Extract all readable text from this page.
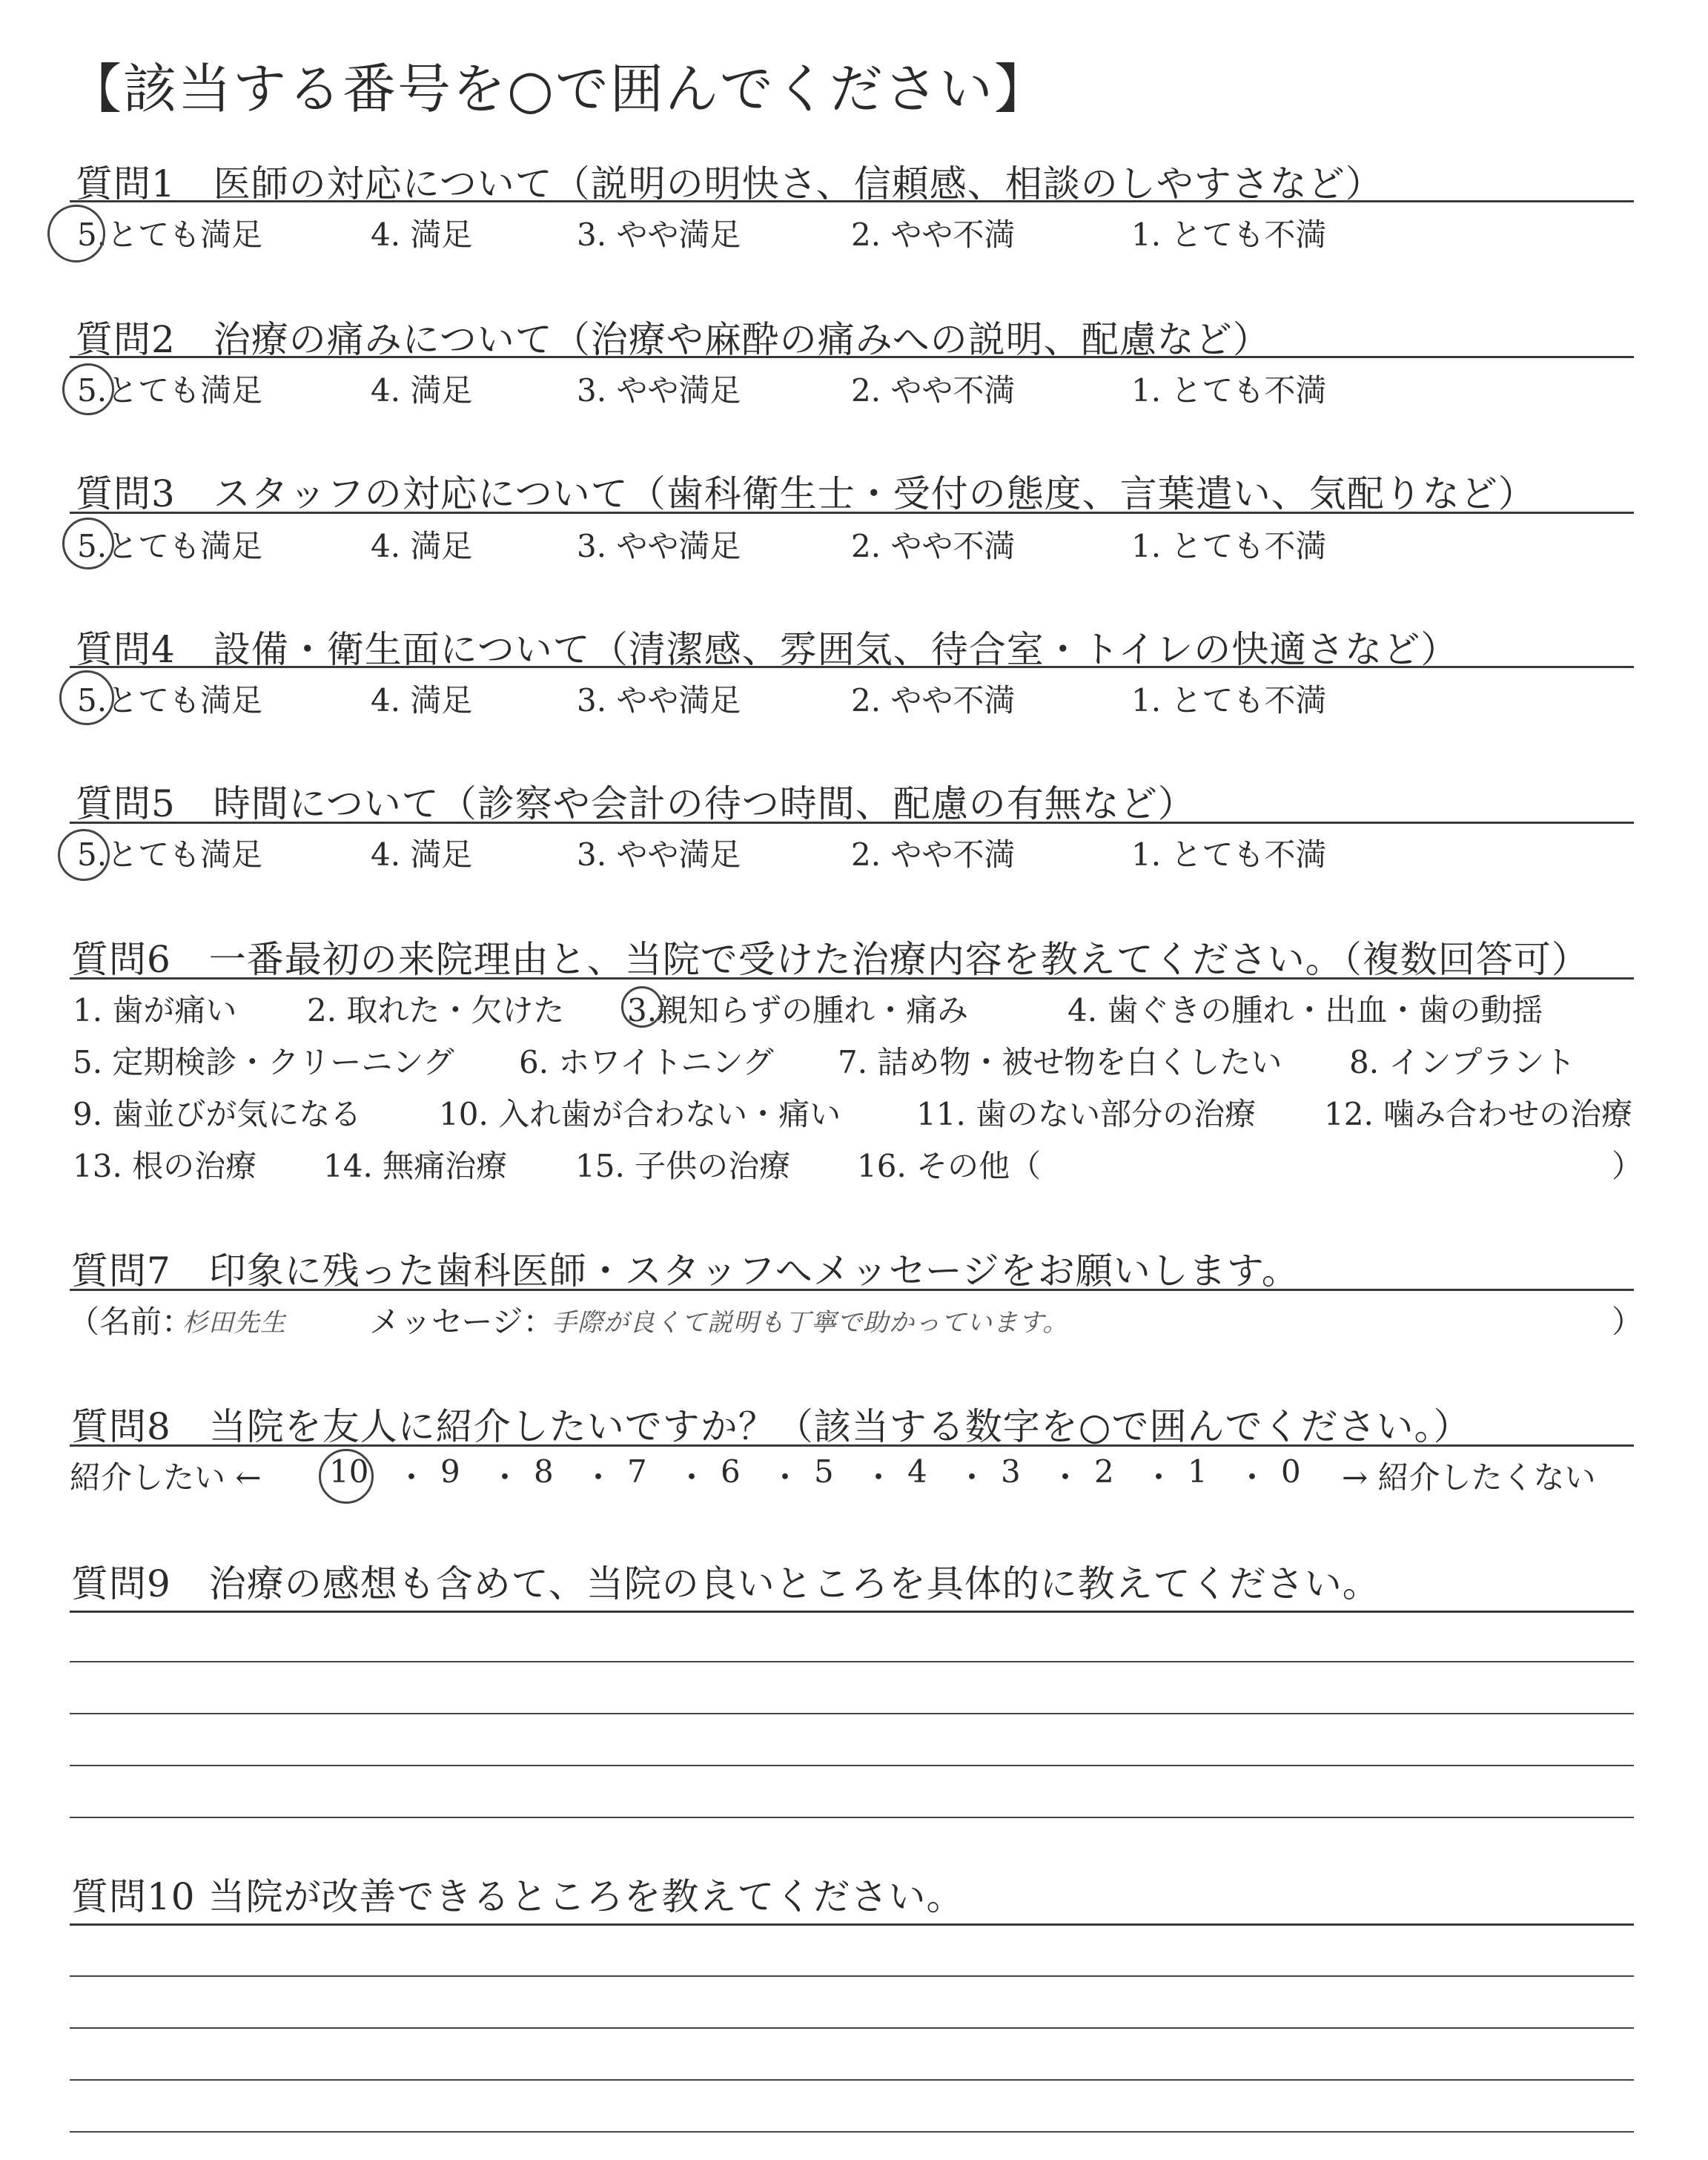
【該当する番号を○で囲んでください】
質問1　医師の対応について（説明の明快さ、信頼感、相談のしやすさなど）
5.とても満足	4. 満足	3. やや満足	2. やや不満	1. とても不満
質問2　治療の痛みについて（治療や麻酔の痛みへの説明、配慮など）
5.とても満足	4. 満足	3. やや満足	2. やや不満	1. とても不満
質問3　スタッフの対応について（歯科衛生士・受付の態度、言葉遣い、気配りなど）
5.とても満足	4. 満足	3. やや満足	2. やや不満	1. とても不満
質問4　設備・衛生面について（清潔感、雰囲気、待合室・トイレの快適さなど）
5.とても満足	4. 満足	3. やや満足	2. やや不満	1. とても不満
質問5　時間について（診察や会計の待つ時間、配慮の有無など）
5.とても満足	4. 満足	3. やや満足	2. やや不満	1. とても不満
質問6　一番最初の来院理由と、当院で受けた治療内容を教えてください。（複数回答可）
1. 歯が痛い 2. 取れた・欠けた 3.親知らずの腫れ・痛み	4. 歯ぐきの腫れ・出血・歯の動揺
5. 定期検診・クリーニング 6. ホワイトニング 7. 詰め物・被せ物を白くしたい 8. インプラント
9. 歯並びが気になる 10. 入れ歯が合わない・痛い 11. 歯のない部分の治療 12. 噛み合わせの治療
13. 根の治療 14. 無痛治療 15. 子供の治療 16. その他（	）
質問7　印象に残った歯科医師・スタッフへメッセージをお願いします。
（名前：
杉田先生	メッセージ：
手際が良くて説明も丁寧で助かっています。	）
質問8　当院を友人に紹介したいですか？（該当する数字を○で囲んでください。）
紹介したい ← 10 ・ 9 ・ 8 ・ 7 ・ 6 ・ 5 ・ 4 ・ 3 ・ 2 ・ 1 ・ 0 → 紹介したくない
質問9　治療の感想も含めて、当院の良いところを具体的に教えてください。
質問10 当院が改善できるところを教えてください。
